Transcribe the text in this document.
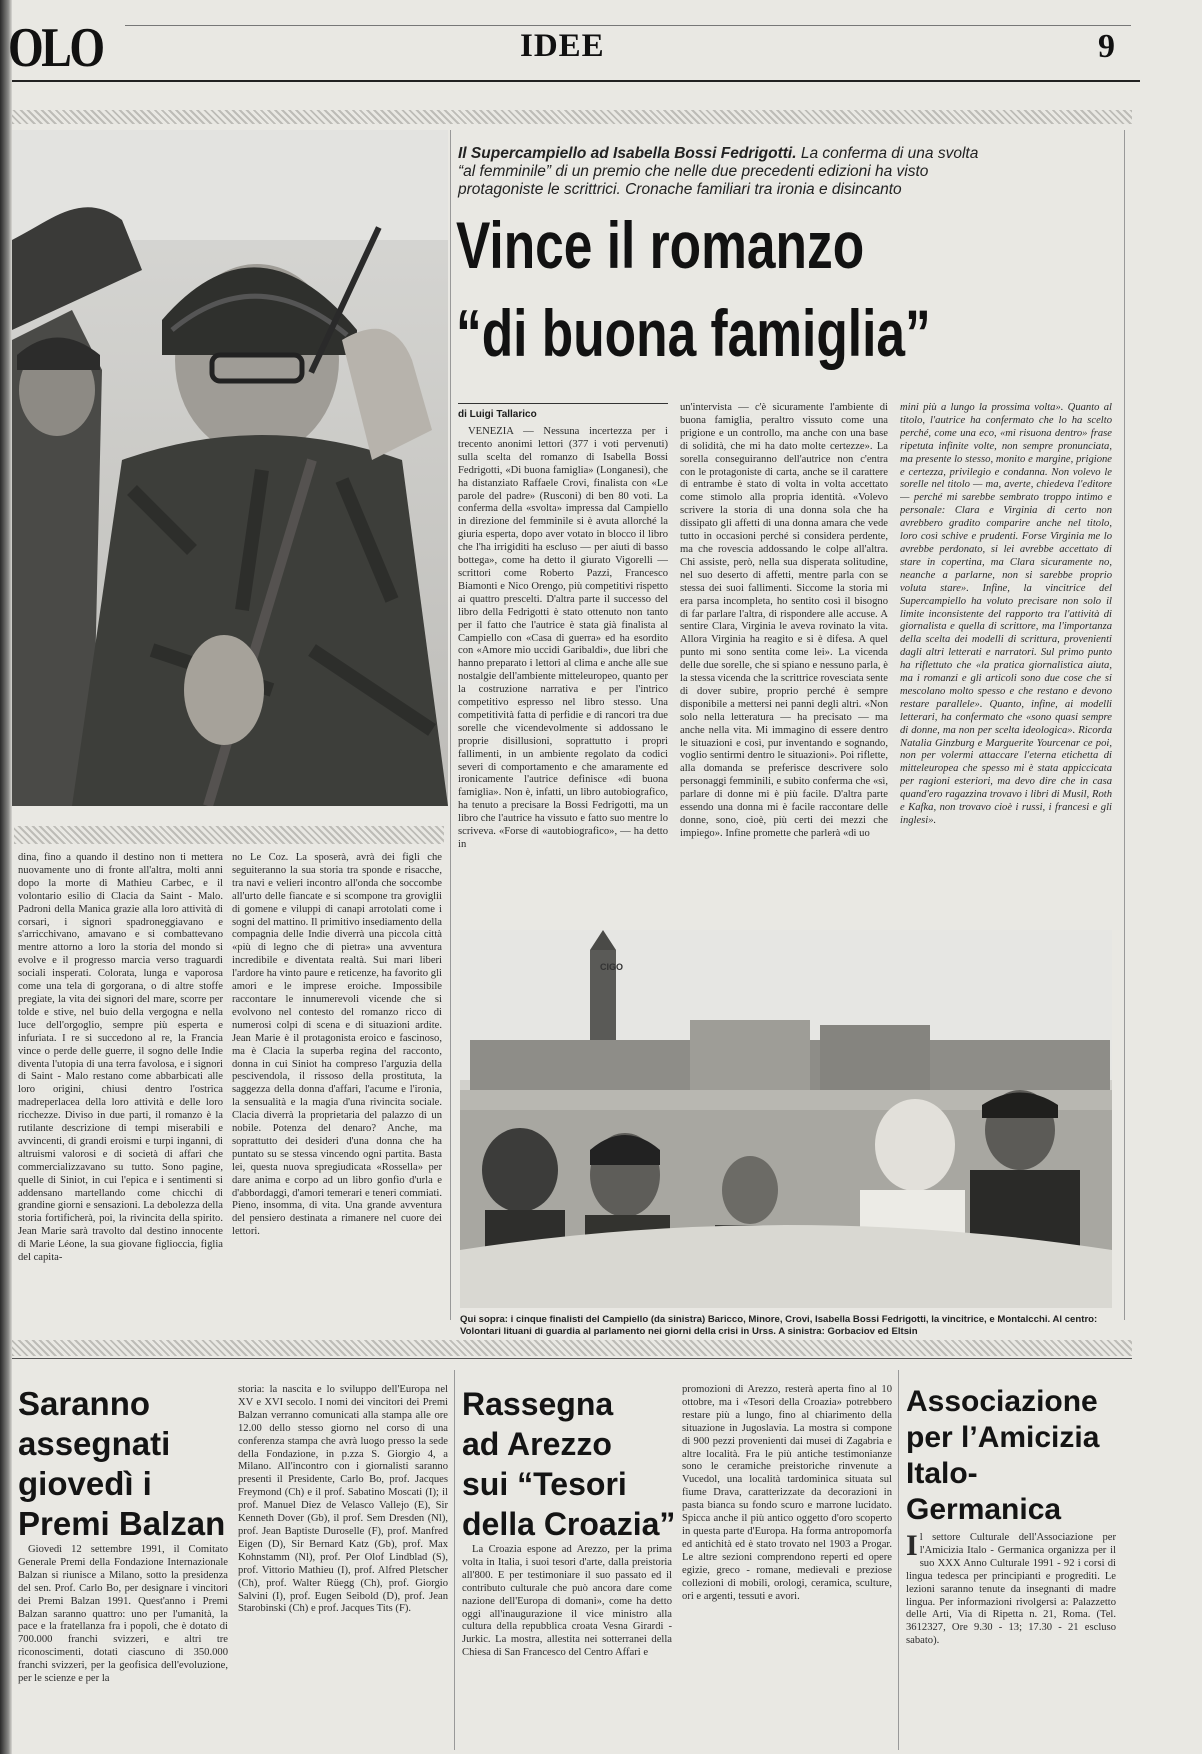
OLO	IDEE	9
Il Supercampiello ad Isabella Bossi Fedrigotti. La conferma di una svolta “al femminile” di un premio che nelle due precedenti edizioni ha visto protagoniste le scrittrici. Cronache familiari tra ironia e disincanto
Vince il romanzo
“di buona famiglia”
di Luigi Tallarico

VENEZIA — Nessuna incertezza per i trecento anonimi lettori (377 i voti pervenuti) sulla scelta del romanzo di Isabella Bossi Fedrigotti, «Di buona famiglia» (Longanesi), che ha distanziato Raffaele Crovi, finalista con «Le parole del padre» (Rusconi) di ben 80 voti. La conferma della «svolta» impressa dal Campiello in direzione del femminile si è avuta allorché la giuria esperta, dopo aver votato in blocco il libro che l'ha irrigiditi ha escluso — per aiuti di basso bottega», come ha detto il giurato Vigorelli — scrittori come Roberto Pazzi, Francesco Biamonti e Nico Orengo, più competitivi rispetto ai quattro prescelti. D'altra parte il successo del libro della Fedrigotti è stato ottenuto non tanto per il fatto che l'autrice è stata già finalista al Campiello con «Casa di guerra» ed ha esordito con «Amore mio uccidi Garibaldi», due libri che hanno preparato i lettori al clima e anche alle sue nostalgie dell'ambiente mitteleuropeo, quanto per la costruzione narrativa e per l'intrico competitivo espresso nel libro stesso. Una competitività fatta di perfidie e di rancori tra due sorelle che vicendevolmente si addossano le proprie disillusioni, soprattutto i propri fallimenti, in un ambiente regolato da codici severi di comportamento e che amaramente ed ironicamente l'autrice definisce «di buona famiglia». Non è, infatti, un libro autobiografico, ha tenuto a precisare la Bossi Fedrigotti, ma un libro che l'autrice ha vissuto e fatto suo mentre lo scriveva. «Forse di «autobiografico», — ha detto in

un'intervista — c'è sicuramente l'ambiente di buona famiglia, peraltro vissuto come una prigione e un controllo, ma anche con una base di solidità, che mi ha dato molte certezze». La sorella conseguiranno dell'autrice non c'entra con le protagoniste di carta, anche se il carattere di entrambe è stato di volta in volta accettato come stimolo alla propria identità. «Volevo scrivere la storia di una donna sola che ha dissipato gli affetti di una donna amara che vede tutto in occasioni perché si considera perdente, ma che rovescia addossando le colpe all'altra. Chi assiste, però, nella sua disperata solitudine, nel suo deserto di affetti, mentre parla con se stessa dei suoi fallimenti. Siccome la storia mi era parsa incompleta, ho sentito così il bisogno di far parlare l'altra, di rispondere alle accuse. A sentire Clara, Virginia le aveva rovinato la vita. Allora Virginia ha reagito e si è difesa. A quel punto mi sono sentita come lei». La vicenda delle due sorelle, che si spiano e nessuno parla, è la stessa vicenda che la scrittrice rovesciata sente di dover subire, proprio perché è sempre disponibile a mettersi nei panni degli altri. «Non solo nella letteratura — ha precisato — ma anche nella vita. Mi immagino di essere dentro le situazioni e così, pur inventando e sognando, voglio sentirmi dentro le situazioni». Poi riflette, alla domanda se preferisce descrivere solo personaggi femminili, e subito conferma che «sì, parlare di donne mi è più facile. D'altra parte essendo una donna mi è facile raccontare delle donne, sono, cioè, più certi dei mezzi che impiego». Infine promette che parlerà «di uo

mini più a lungo la prossima volta». Quanto al titolo, l'autrice ha confermato che lo ha scelto perché, come una eco, «mi risuona dentro» frase ripetuta infinite volte, non sempre pronunciata, ma presente lo stesso, monito e margine, prigione e certezza, privilegio e condanna. Non volevo le sorelle nel titolo — ma, averte, chiedeva l'editore — perché mi sarebbe sembrato troppo intimo e personale: Clara e Virginia di certo non avrebbero gradito comparire anche nel titolo, loro così schive e prudenti. Forse Virginia me lo avrebbe perdonato, si lei avrebbe accettato di stare in copertina, ma Clara sicuramente no, neanche a parlarne, non si sarebbe proprio voluta stare». Infine, la vincitrice del Supercampiello ha voluto precisare non solo il limite inconsistente del rapporto tra l'attività di giornalista e quella di scrittore, ma l'importanza della scelta dei modelli di scrittura, provenienti dagli altri letterati e narratori. Sul primo punto ha riflettuto che «la pratica giornalistica aiuta, ma i romanzi e gli articoli sono due cose che si mescolano molto spesso e che restano e devono restare parallele». Quanto, infine, ai modelli letterari, ha confermato che «sono quasi sempre di donne, ma non per scelta ideologica». Ricorda Natalia Ginzburg e Marguerite Yourcenar ce poi, non per volermi attaccare l'eterna etichetta di mitteleuropea che spesso mi è stata appiccicata per ragioni esteriori, ma devo dire che in casa quand'ero ragazzina trovavo i libri di Musil, Roth e Kafka, non trovavo cioè i russi, i francesi e gli inglesi».

dina, fino a quando il destino non ti mettera nuovamente uno di fronte all'altra, molti anni dopo la morte di Mathieu Carbec, e il volontario esilio di Clacia da Saint - Malo. Padroni della Manica grazie alla loro attività di corsari, i signori spadroneggiavano e s'arricchivano, amavano e si combattevano mentre attorno a loro la storia del mondo si evolve e il progresso marcia verso traguardi sociali insperati. Colorata, lunga e vaporosa come una tela di gorgorana, o di altre stoffe pregiate, la vita dei signori del mare, scorre per tolde e stive, nel buio della vergogna e nella luce dell'orgoglio, sempre più esperta e infuriata. I re si succedono al re, la Francia vince o perde delle guerre, il sogno delle Indie diventa l'utopia di una terra favolosa, e i signori di Saint - Malo restano come abbarbicati alle loro origini, chiusi dentro l'ostrica madreperlacea della loro attività e delle loro ricchezze. Diviso in due parti, il romanzo è la rutilante descrizione di tempi miserabili e avvincenti, di grandi eroismi e turpi inganni, di altruismi valorosi e di società di affari che commercializzavano su tutto. Sono pagine, quelle di Siniot, in cui l'epica e i sentimenti si addensano martellando come chicchi di grandine giorni e sensazioni. La debolezza della storia fortificherà, poi, la rivincita della spirito. Jean Marie sarà travolto dal destino innocente di Marie Léone, la sua giovane figlioccia, figlia del capita-

no Le Coz. La sposerà, avrà dei figli che seguiteranno la sua storia tra sponde e risacche, tra navi e velieri incontro all'onda che soccombe all'urto delle fiancate e si scompone tra groviglii di gomene e viluppi di canapi arrotolati come i sogni del mattino. Il primitivo insediamento della compagnia delle Indie diverrà una piccola città «più di legno che di pietra» una avventura incredibile e diventata realtà. Sui mari liberi l'ardore ha vinto paure e reticenze, ha favorito gli amori e le imprese eroiche. Impossibile raccontare le innumerevoli vicende che si evolvono nel contesto del romanzo ricco di numerosi colpi di scena e di situazioni ardite. Jean Marie è il protagonista eroico e fascinoso, ma è Clacia la superba regina del racconto, donna in cui Siniot ha compreso l'arguzia della pescivendola, il rissoso della prostituta, la saggezza della donna d'affari, l'acume e l'ironia, la sensualità e la magia d'una rivincita sociale. Clacia diverrà la proprietaria del palazzo di un nobile. Potenza del denaro? Anche, ma soprattutto dei desideri d'una donna che ha puntato su se stessa vincendo ogni partita. Basta lei, questa nuova spregiudicata «Rossella» per dare anima e corpo ad un libro gonfio d'urla e d'abbordaggi, d'amori temerari e teneri commiati. Pieno, insomma, di vita. Una grande avventura del pensiero destinata a rimanere nel cuore dei lettori.

CIGO
Qui sopra: i cinque finalisti del Campiello (da sinistra) Baricco, Minore, Crovi, Isabella Bossi Fedrigotti, la vincitrice, e Montalcchi. Al centro: Volontari lituani di guardia al parlamento nei giorni della crisi in Urss. A sinistra: Gorbaciov ed Eltsin
Saranno
assegnati
giovedì i
Premi Balzan

Giovedì 12 settembre 1991, il Comitato Generale Premi della Fondazione Internazionale Balzan si riunisce a Milano, sotto la presidenza del sen. Prof. Carlo Bo, per designare i vincitori dei Premi Balzan 1991. Quest'anno i Premi Balzan saranno quattro: uno per l'umanità, la pace e la fratellanza fra i popoli, che è dotato di 700.000 franchi svizzeri, e altri tre riconoscimenti, dotati ciascuno di 350.000 franchi svizzeri, per la geofisica dell'evoluzione, per le scienze e per la

storia: la nascita e lo sviluppo dell'Europa nel XV e XVI secolo. I nomi dei vincitori dei Premi Balzan verranno comunicati alla stampa alle ore 12.00 dello stesso giorno nel corso di una conferenza stampa che avrà luogo presso la sede della Fondazione, in p.zza S. Giorgio 4, a Milano. All'incontro con i giornalisti saranno presenti il Presidente, Carlo Bo, prof. Jacques Freymond (Ch) e il prof. Sabatino Moscati (I); il prof. Manuel Diez de Velasco Vallejo (E), Sir Kenneth Dover (Gb), il prof. Sem Dresden (Nl), prof. Jean Baptiste Duroselle (F), prof. Manfred Eigen (D), Sir Bernard Katz (Gb), prof. Max Kohnstamm (Nl), prof. Per Olof Lindblad (S), prof. Vittorio Mathieu (I), prof. Alfred Pletscher (Ch), prof. Walter Rüegg (Ch), prof. Giorgio Salvini (I), prof. Eugen Seibold (D), prof. Jean Starobinski (Ch) e prof. Jacques Tits (F).

Rassegna
ad Arezzo
sui “Tesori
della Croazia”

La Croazia espone ad Arezzo, per la prima volta in Italia, i suoi tesori d'arte, dalla preistoria all'800. E per testimoniare il suo passato ed il contributo culturale che può ancora dare come nazione dell'Europa di domani», come ha detto oggi all'inaugurazione il vice ministro alla cultura della repubblica croata Vesna Girardi - Jurkic. La mostra, allestita nei sotterranei della Chiesa di San Francesco del Centro Affari e

promozioni di Arezzo, resterà aperta fino al 10 ottobre, ma i «Tesori della Croazia» potrebbero restare più a lungo, fino al chiarimento della situazione in Jugoslavia. La mostra si compone di 900 pezzi provenienti dai musei di Zagabria e altre località. Fra le più antiche testimonianze sono le ceramiche preistoriche rinvenute a Vucedol, una località tardominica situata sul fiume Drava, caratterizzate da decorazioni in pasta bianca su fondo scuro e marrone lucidato. Spicca anche il più antico oggetto d'oro scoperto in questa parte d'Europa. Ha forma antropomorfa ed antichità ed è stato trovato nel 1903 a Progar. Le altre sezioni comprendono reperti ed opere egizie, greco - romane, medievali e preziose collezioni di mobili, orologi, ceramica, sculture, ori e argenti, tessuti e avori.

Associazione
per l’Amicizia
Italo-
Germanica
I l settore Culturale dell'Associazione per l'Amicizia Italo - Germanica organizza per il suo XXX Anno Culturale 1991 - 92 i corsi di lingua tedesca per principianti e progrediti. Le lezioni saranno tenute da insegnanti di madre lingua. Per informazioni rivolgersi a: Palazzetto delle Arti, Via di Ripetta n. 21, Roma. (Tel. 3612327, Ore 9.30 - 13; 17.30 - 21 escluso sabato).
